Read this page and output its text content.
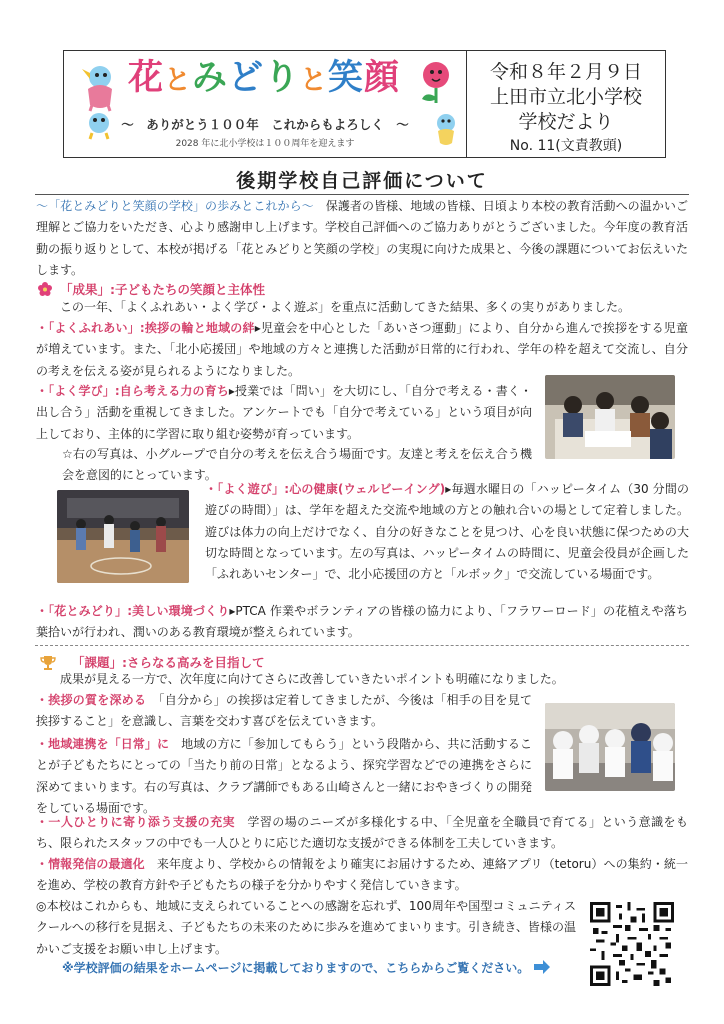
花とみどりと笑顔
～　ありがとう１００年　これからもよろしく　～
2028 年に北小学校は１００周年を迎えます
令和８年２月９日
上田市立北小学校
学校だより
No. 11(文責教頭)
後期学校自己評価について
～「花とみどりと笑顔の学校」の歩みとこれから～　保護者の皆様、地域の皆様、日頃より本校の教育活動への温かいご理解とご協力をいただき、心より感謝申し上げます。学校自己評価へのご協力ありがとうございました。今年度の教育活動の振り返りとして、本校が掲げる「花とみどりと笑顔の学校」の実現に向けた成果と、今後の課題についてお伝えいたします。
「成果」:子どもたちの笑顔と主体性
この一年、「よくふれあい・よく学び・よく遊ぶ」を重点に活動してきた結果、多くの実りがありました。
・「よくふれあい」:挨拶の輪と地域の絆▸児童会を中心とした「あいさつ運動」により、自分から進んで挨拶をする児童が増えています。また、「北小応援団」や地域の方々と連携した活動が日常的に行われ、学年の枠を超えて交流し、自分の考えを伝える姿が見られるようになりました。
・「よく学び」:自ら考える力の育ち▸授業では「問い」を大切にし、「自分で考える・書く・出し合う」活動を重視してきました。アンケートでも「自分で考えている」という項目が向上しており、主体的に学習に取り組む姿勢が育っています。
☆右の写真は、小グループで自分の考えを伝え合う場面です。友達と考えを伝え合う機会を意図的にとっています。
・「よく遊び」:心の健康(ウェルビーイング)▸毎週水曜日の「ハッピータイム（30 分間の遊びの時間）」は、学年を超えた交流や地域の方との触れ合いの場として定着しました。遊びは体力の向上だけでなく、自分の好きなことを見つけ、心を良い状態に保つための大切な時間となっています。左の写真は、ハッピータイムの時間に、児童会役員が企画した「ふれあいセンター」で、北小応援団の方と「ルボック」で交流している場面です。
・「花とみどり」:美しい環境づくり▸PTCA 作業やボランティアの皆様の協力により、「フラワーロード」の花植えや落ち葉拾いが行われ、潤いのある教育環境が整えられています。
「課題」:さらなる高みを目指して
成果が見える一方で、次年度に向けてさらに改善していきたいポイントも明確になりました。
・挨拶の質を深める　 「自分から」の挨拶は定着してきましたが、今後は「相手の目を見て挨拶すること」を意識し、言葉を交わす喜びを伝えていきます。
・地域連携を「日常」に　 地域の方に「参加してもらう」という段階から、共に活動することが子どもたちにとっての「当たり前の日常」となるよう、探究学習などでの連携をさらに深めてまいります。右の写真は、クラブ講師でもある山崎さんと一緒におやきづくりの開発をしている場面です。
・一人ひとりに寄り添う支援の充実　 学習の場のニーズが多様化する中、「全児童を全職員で育てる」という意識をもち、限られたスタッフの中でも一人ひとりに応じた適切な支援ができる体制を工夫していきます。
・情報発信の最適化　 来年度より、学校からの情報をより確実にお届けするため、連絡アプリ（tetoru）への集約・統一を進め、学校の教育方針や子どもたちの様子を分かりやすく発信していきます。
◎本校はこれからも、地域に支えられていることへの感謝を忘れず、100周年や国型コミュニティスクールへの移行を見据え、子どもたちの未来のために歩みを進めてまいります。引き続き、皆様の温かいご支援をお願い申し上げます。
※学校評価の結果をホームページに掲載しておりますので、こちらからご覧ください。
